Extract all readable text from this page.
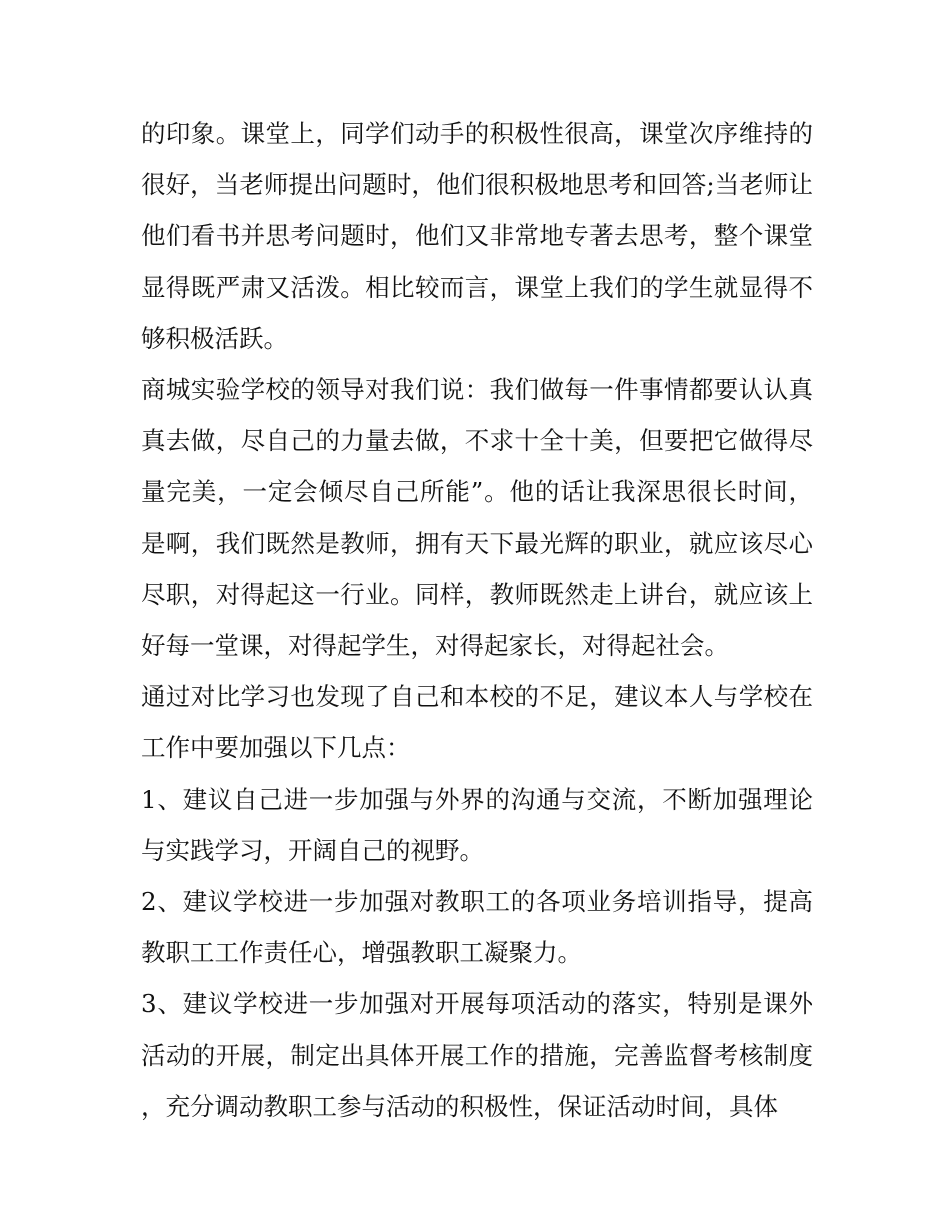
的印象。课堂上，同学们动手的积极性很高，课堂次序维持的很好，当老师提出问题时，他们很积极地思考和回答;当老师让他们看书并思考问题时，他们又非常地专著去思考，整个课堂显得既严肃又活泼。相比较而言，课堂上我们的学生就显得不够积极活跃。

商城实验学校的领导对我们说：我们做每一件事情都要认认真真去做，尽自己的力量去做，不求十全十美，但要把它做得尽量完美，一定会倾尽自己所能”。他的话让我深思很长时间，是啊，我们既然是教师，拥有天下最光辉的职业，就应该尽心尽职，对得起这一行业。同样，教师既然走上讲台，就应该上好每一堂课，对得起学生，对得起家长，对得起社会。

通过对比学习也发现了自己和本校的不足，建议本人与学校在工作中要加强以下几点：

1、建议自己进一步加强与外界的沟通与交流，不断加强理论与实践学习，开阔自己的视野。

2、建议学校进一步加强对教职工的各项业务培训指导，提高教职工工作责任心，增强教职工凝聚力。

3、建议学校进一步加强对开展每项活动的落实，特别是课外活动的开展，制定出具体开展工作的措施，完善监督考核制度，充分调动教职工参与活动的积极性，保证活动时间，具体
